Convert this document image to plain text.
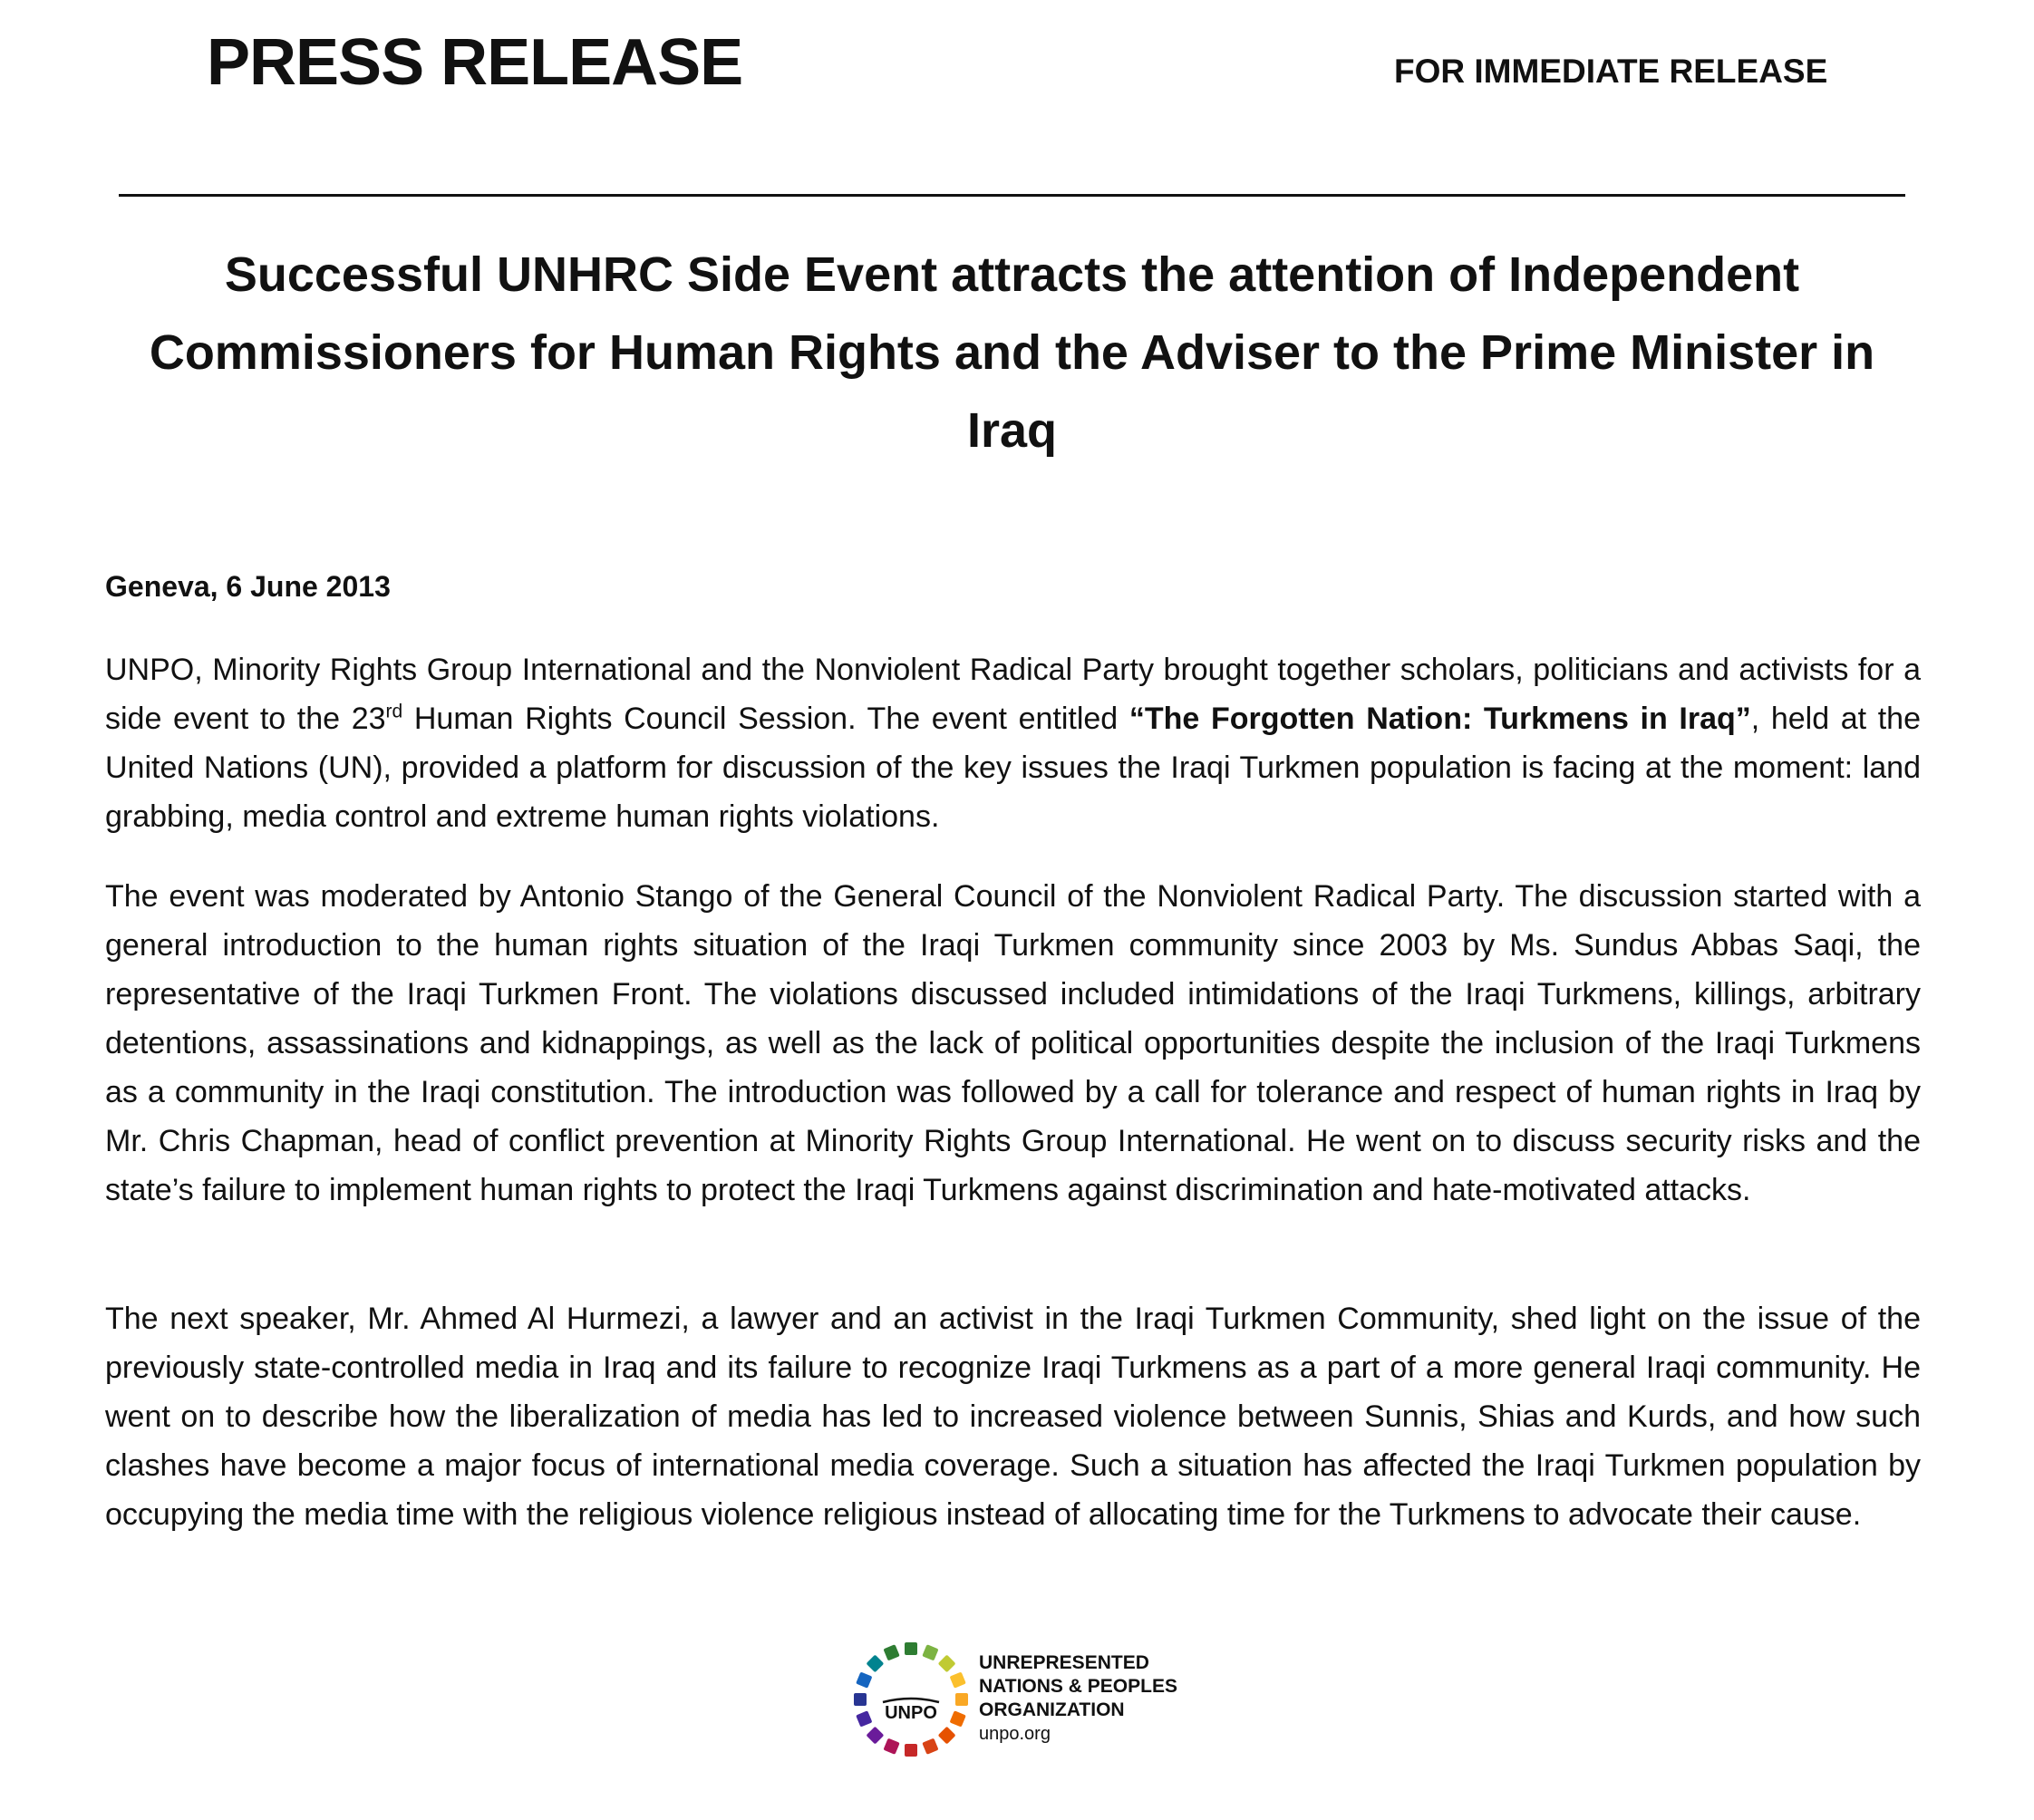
PRESS RELEASE	FOR IMMEDIATE RELEASE
Successful UNHRC Side Event attracts the attention of Independent Commissioners for Human Rights and the Adviser to the Prime Minister in Iraq
Geneva, 6 June 2013

UNPO, Minority Rights Group International and the Nonviolent Radical Party brought together scholars, politicians and activists for a side event to the 23rd Human Rights Council Session. The event entitled “The Forgotten Nation: Turkmens in Iraq”, held at the United Nations (UN), provided a platform for discussion of the key issues the Iraqi Turkmen population is facing at the moment: land grabbing, media control and extreme human rights violations.

The event was moderated by Antonio Stango of the General Council of the Nonviolent Radical Party. The discussion started with a general introduction to the human rights situation of the Iraqi Turkmen community since 2003 by Ms. Sundus Abbas Saqi, the representative of the Iraqi Turkmen Front. The violations discussed included intimidations of the Iraqi Turkmens, killings, arbitrary detentions, assassinations and kidnappings, as well as the lack of political opportunities despite the inclusion of the Iraqi Turkmens as a community in the Iraqi constitution. The introduction was followed by a call for tolerance and respect of human rights in Iraq by Mr. Chris Chapman, head of conflict prevention at Minority Rights Group International. He went on to discuss security risks and the state’s failure to implement human rights to protect the Iraqi Turkmens against discrimination and hate-motivated attacks.

The next speaker, Mr. Ahmed Al Hurmezi, a lawyer and an activist in the Iraqi Turkmen Community, shed light on the issue of the previously state-controlled media in Iraq and its failure to recognize Iraqi Turkmens as a part of a more general Iraqi community. He went on to describe how the liberalization of media has led to increased violence between Sunnis, Shias and Kurds, and how such clashes have become a major focus of international media coverage. Such a situation has affected the Iraqi Turkmen population by occupying the media time with the religious violence religious instead of allocating time for the Turkmens to advocate their cause.

UNPO
UNREPRESENTED
NATIONS & PEOPLES
ORGANIZATION
unpo.org
